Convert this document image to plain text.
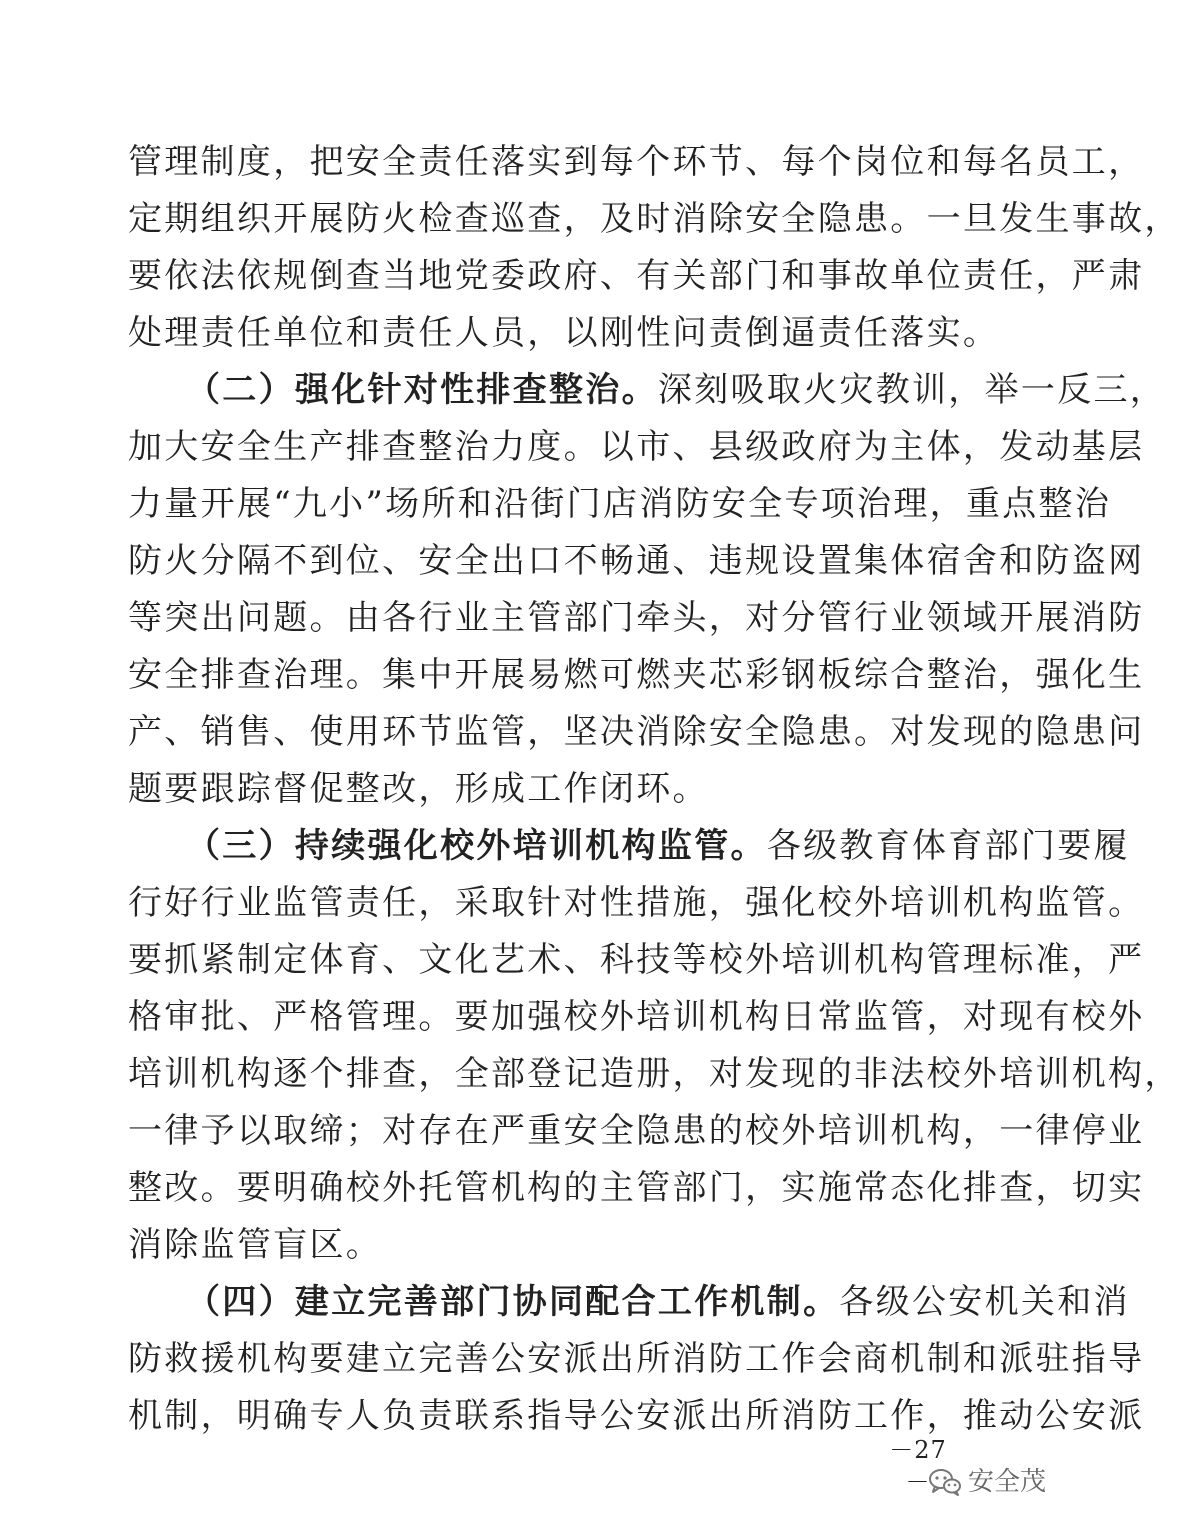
管理制度，把安全责任落实到每个环节、每个岗位和每名员工，
定期组织开展防火检查巡查，及时消除安全隐患。一旦发生事故，
要依法依规倒查当地党委政府、有关部门和事故单位责任，严肃
处理责任单位和责任人员，以刚性问责倒逼责任落实。
（二）强化针对性排查整治。深刻吸取火灾教训，举一反三，
加大安全生产排查整治力度。以市、县级政府为主体，发动基层
力量开展“九小”场所和沿街门店消防安全专项治理，重点整治
防火分隔不到位、安全出口不畅通、违规设置集体宿舍和防盗网
等突出问题。由各行业主管部门牵头，对分管行业领域开展消防
安全排查治理。集中开展易燃可燃夹芯彩钢板综合整治，强化生
产、销售、使用环节监管，坚决消除安全隐患。对发现的隐患问
题要跟踪督促整改，形成工作闭环。
（三）持续强化校外培训机构监管。各级教育体育部门要履
行好行业监管责任，采取针对性措施，强化校外培训机构监管。
要抓紧制定体育、文化艺术、科技等校外培训机构管理标准，严
格审批、严格管理。要加强校外培训机构日常监管，对现有校外
培训机构逐个排查，全部登记造册，对发现的非法校外培训机构，
一律予以取缔；对存在严重安全隐患的校外培训机构，一律停业
整改。要明确校外托管机构的主管部门，实施常态化排查，切实
消除监管盲区。
（四）建立完善部门协同配合工作机制。各级公安机关和消
防救援机构要建立完善公安派出所消防工作会商机制和派驻指导
机制，明确专人负责联系指导公安派出所消防工作，推动公安派
－27－	安全茂
